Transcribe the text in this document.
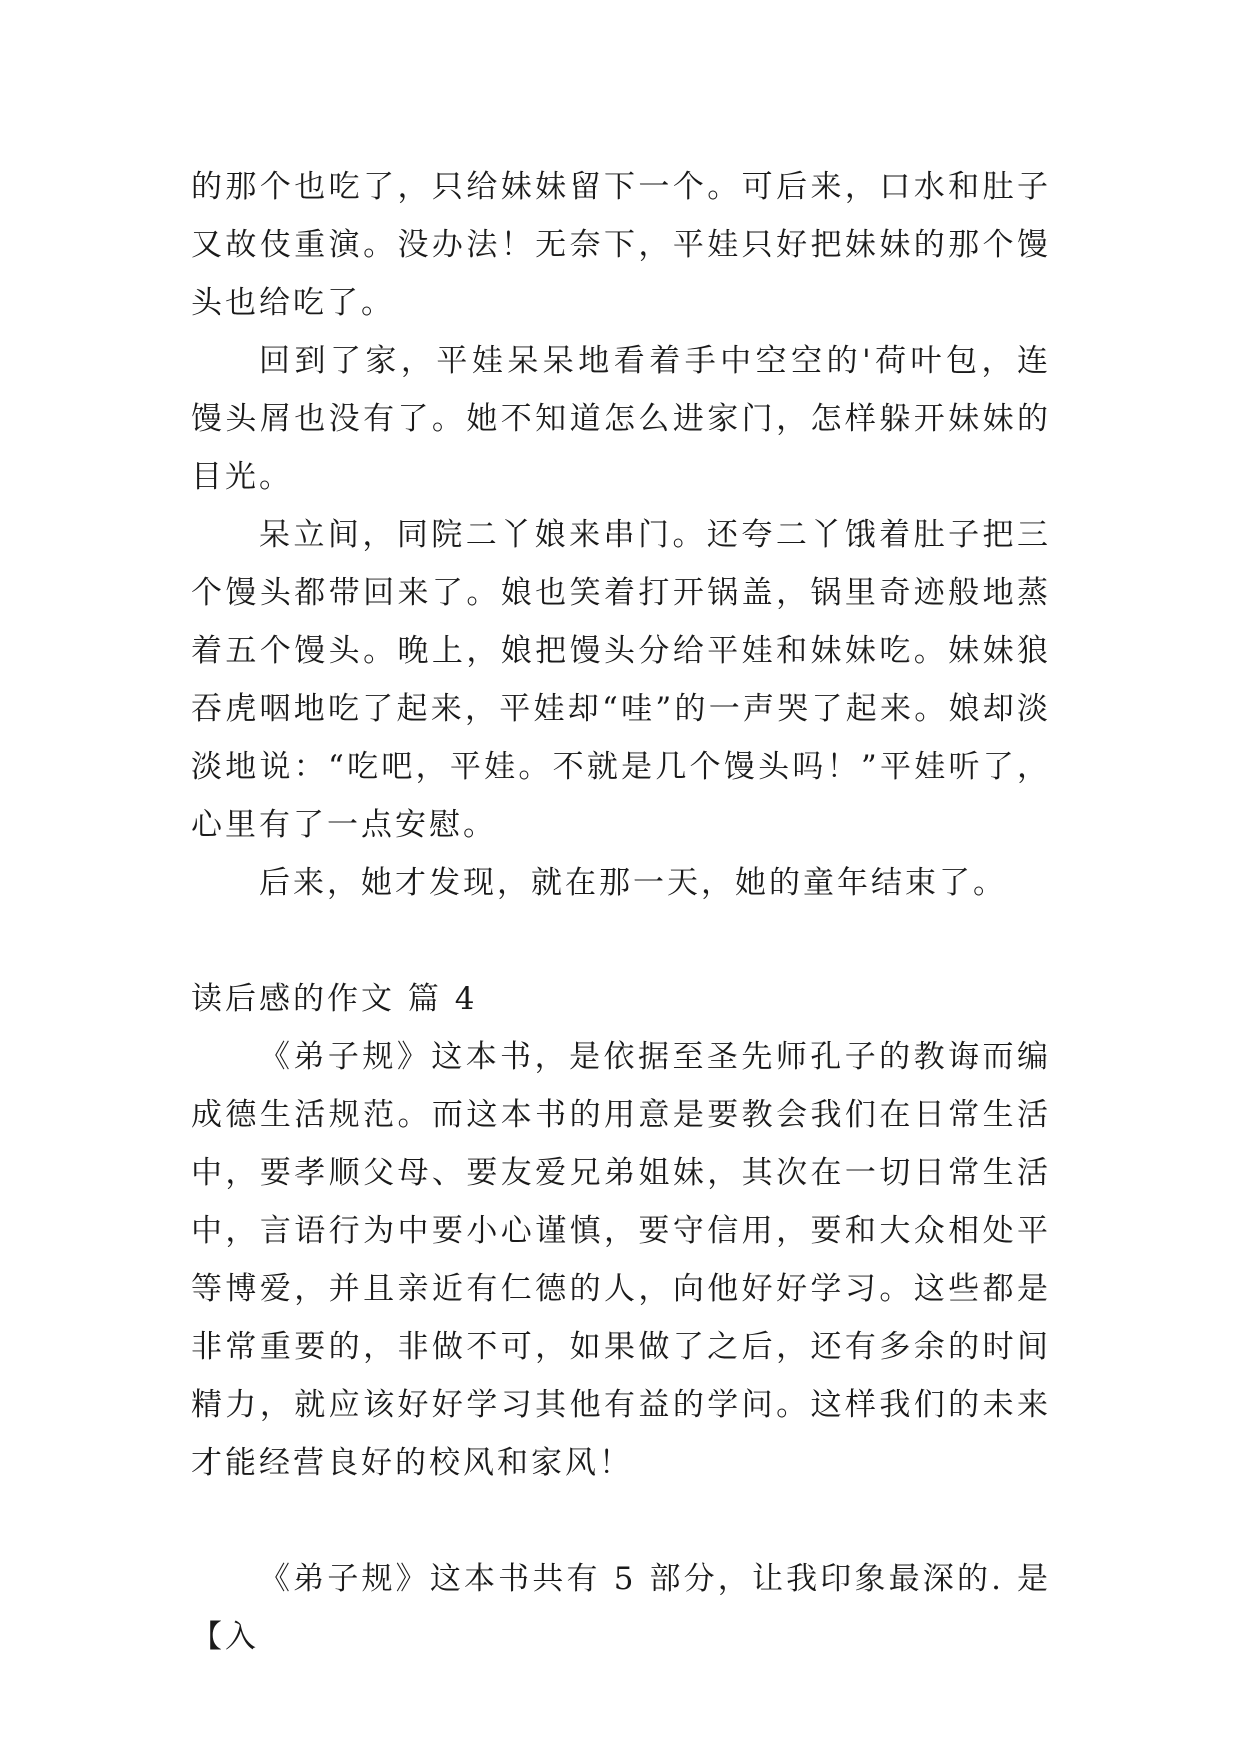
的那个也吃了，只给妹妹留下一个。可后来，口水和肚子又故伎重演。没办法！无奈下，平娃只好把妹妹的那个馒头也给吃了。

回到了家，平娃呆呆地看着手中空空的'荷叶包，连馒头屑也没有了。她不知道怎么进家门，怎样躲开妹妹的目光。

呆立间，同院二丫娘来串门。还夸二丫饿着肚子把三个馒头都带回来了。娘也笑着打开锅盖，锅里奇迹般地蒸着五个馒头。晚上，娘把馒头分给平娃和妹妹吃。妹妹狼吞虎咽地吃了起来，平娃却“哇”的一声哭了起来。娘却淡淡地说：“吃吧，平娃。不就是几个馒头吗！”平娃听了，心里有了一点安慰。

后来，她才发现，就在那一天，她的童年结束了。

读后感的作文 篇 4

《弟子规》这本书，是依据至圣先师孔子的教诲而编成德生活规范。而这本书的用意是要教会我们在日常生活中，要孝顺父母、要友爱兄弟姐妹，其次在一切日常生活中，言语行为中要小心谨慎，要守信用，要和大众相处平等博爱，并且亲近有仁德的人，向他好好学习。这些都是非常重要的，非做不可，如果做了之后，还有多余的时间精力，就应该好好学习其他有益的学问。这样我们的未来才能经营良好的校风和家风！

《弟子规》这本书共有 5 部分，让我印象最深的. 是【入
